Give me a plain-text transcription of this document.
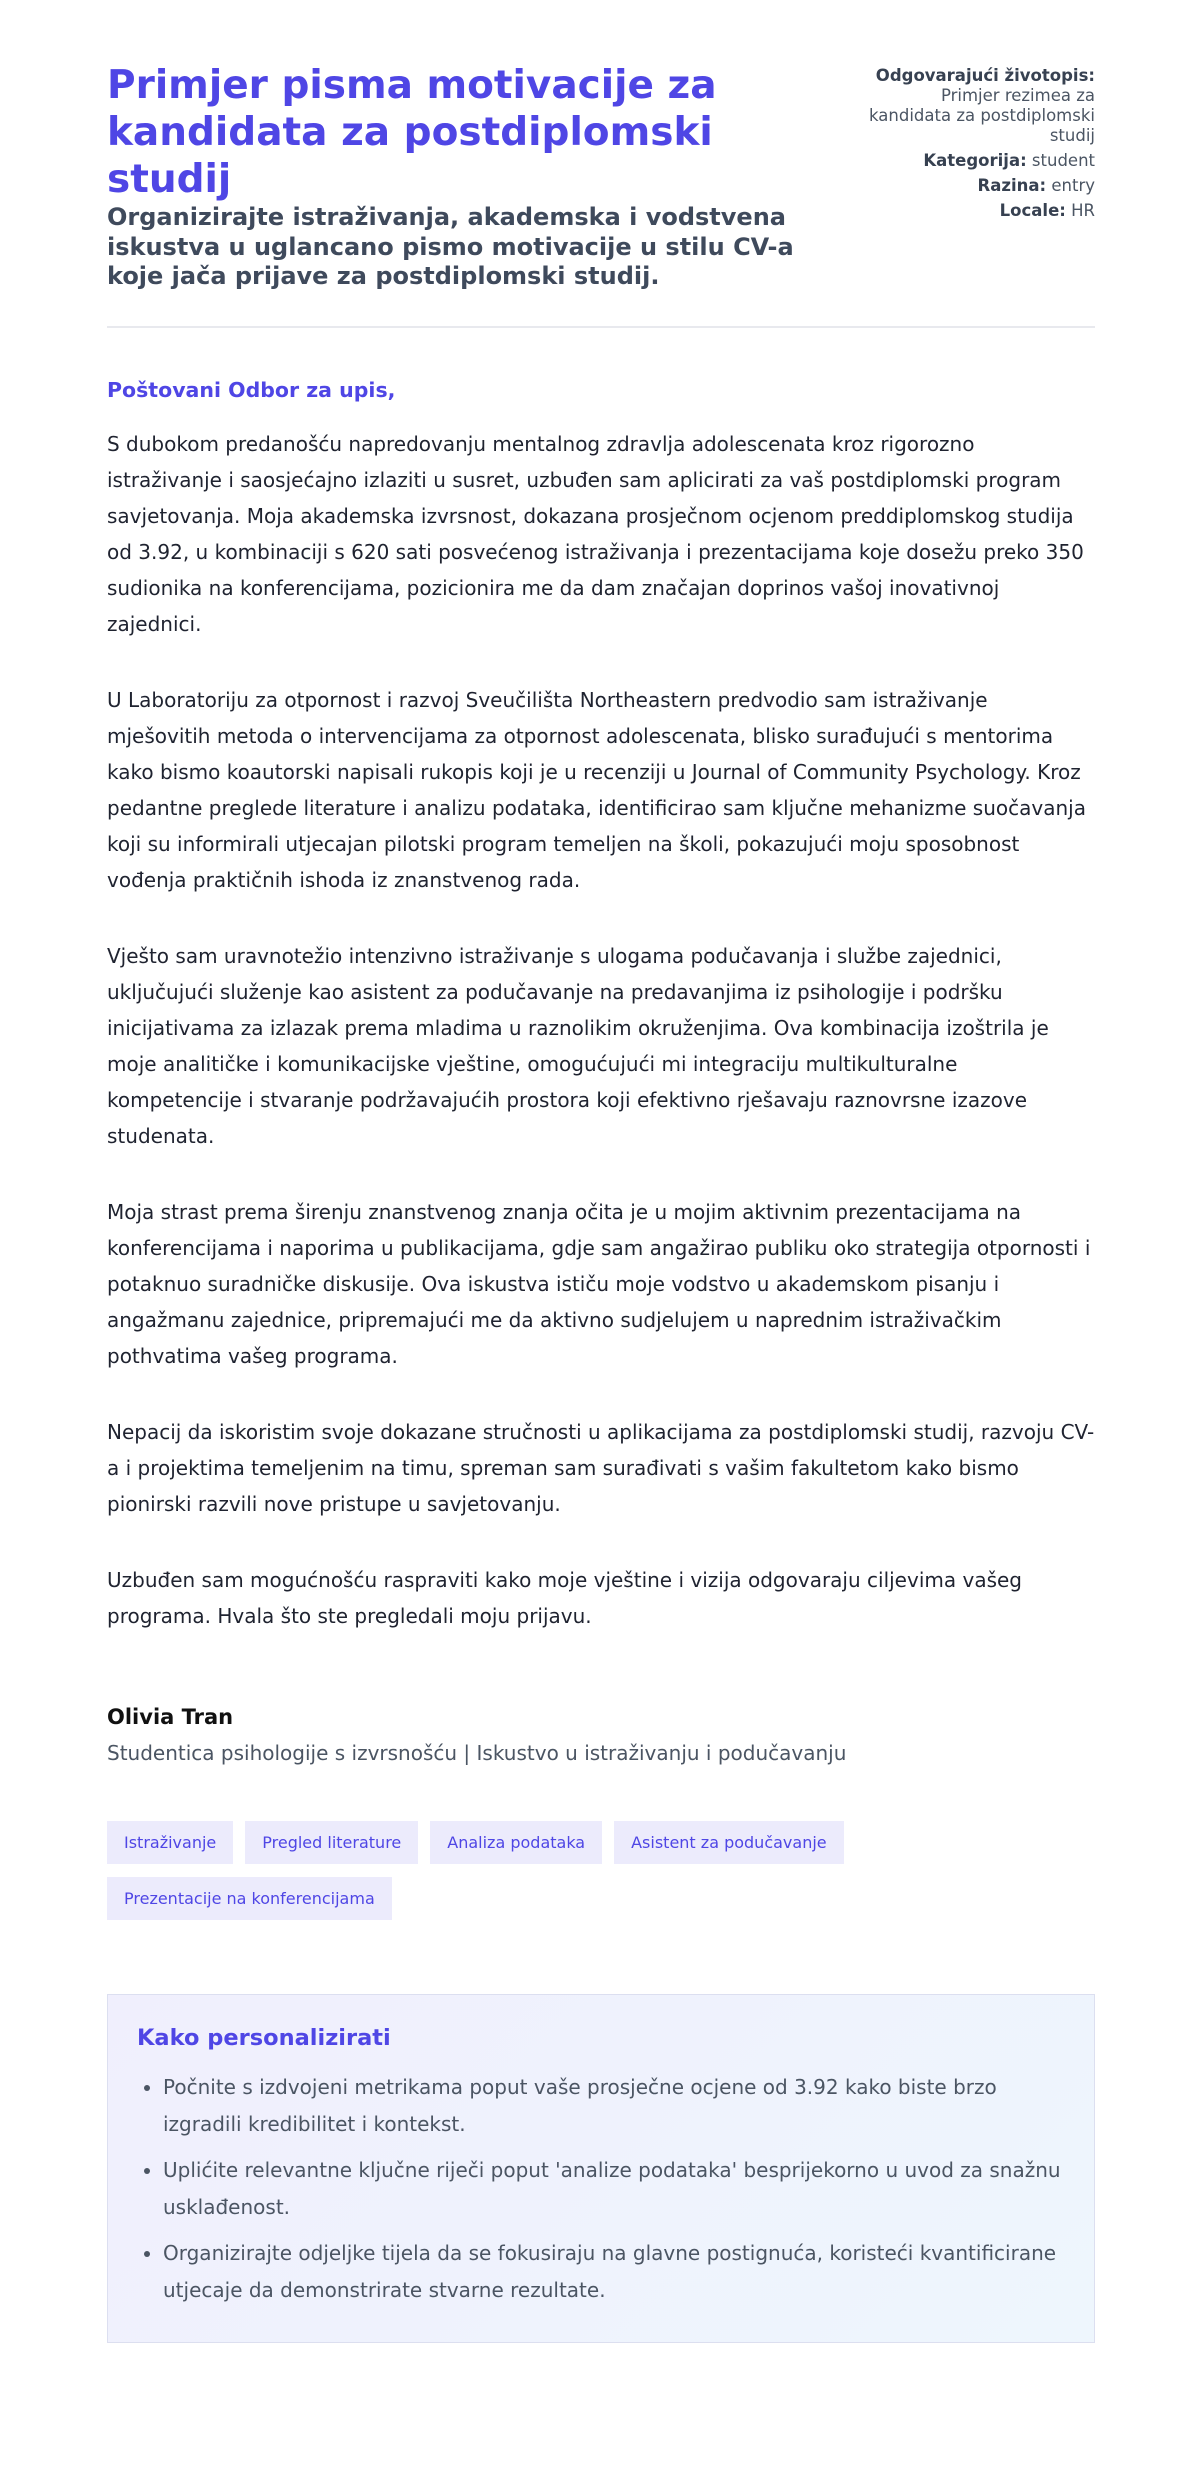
Primjer pisma motivacije za kandidata za postdiplomski studij

Organizirajte istraživanja, akademska i vodstvena iskustva u uglancano pismo motivacije u stilu CV-a koje jača prijave za postdiplomski studij.

Odgovarajući životopis:
Primjer rezimea za kandidata za postdiplomski studij
Kategorija: student
Razina: entry
Locale: HR
Poštovani Odbor za upis,

S dubokom predanošću napredovanju mentalnog zdravlja adolescenata kroz rigorozno istraživanje i saosjećajno izlaziti u susret, uzbuđen sam aplicirati za vaš postdiplomski program savjetovanja. Moja akademska izvrsnost, dokazana prosječnom ocjenom preddiplomskog studija od 3.92, u kombinaciji s 620 sati posvećenog istraživanja i prezentacijama koje dosežu preko 350 sudionika na konferencijama, pozicionira me da dam značajan doprinos vašoj inovativnoj zajednici.

U Laboratoriju za otpornost i razvoj Sveučilišta Northeastern predvodio sam istraživanje mješovitih metoda o intervencijama za otpornost adolescenata, blisko surađujući s mentorima kako bismo koautorski napisali rukopis koji je u recenziji u Journal of Community Psychology. Kroz pedantne preglede literature i analizu podataka, identificirao sam ključne mehanizme suočavanja koji su informirali utjecajan pilotski program temeljen na školi, pokazujući moju sposobnost vođenja praktičnih ishoda iz znanstvenog rada.

Vješto sam uravnotežio intenzivno istraživanje s ulogama podučavanja i službe zajednici, uključujući služenje kao asistent za podučavanje na predavanjima iz psihologije i podršku inicijativama za izlazak prema mladima u raznolikim okruženjima. Ova kombinacija izoštrila je moje analitičke i komunikacijske vještine, omogućujući mi integraciju multikulturalne kompetencije i stvaranje podržavajućih prostora koji efektivno rješavaju raznovrsne izazove studenata.

Moja strast prema širenju znanstvenog znanja očita je u mojim aktivnim prezentacijama na konferencijama i naporima u publikacijama, gdje sam angažirao publiku oko strategija otpornosti i potaknuo suradničke diskusije. Ova iskustva ističu moje vodstvo u akademskom pisanju i angažmanu zajednice, pripremajući me da aktivno sudjelujem u naprednim istraživačkim pothvatima vašeg programa.

Nepacij da iskoristim svoje dokazane stručnosti u aplikacijama za postdiplomski studij, razvoju CV-a i projektima temeljenim na timu, spreman sam surađivati s vašim fakultetom kako bismo pionirski razvili nove pristupe u savjetovanju.

Uzbuđen sam mogućnošću raspraviti kako moje vještine i vizija odgovaraju ciljevima vašeg programa. Hvala što ste pregledali moju prijavu.

Olivia Tran
Studentica psihologije s izvrsnošću | Iskustvo u istraživanju i podučavanju
Istraživanje	Pregled literature	Analiza podataka	Asistent za podučavanje
Prezentacije na konferencijama
Kako personalizirati
• Počnite s izdvojeni metrikama poput vaše prosječne ocjene od 3.92 kako biste brzo izgradili kredibilitet i kontekst.
• Uplićite relevantne ključne riječi poput 'analize podataka' besprijekorno u uvod za snažnu usklađenost.
• Organizirajte odjeljke tijela da se fokusiraju na glavne postignuća, koristeći kvantificirane utjecaje da demonstrirate stvarne rezultate.
